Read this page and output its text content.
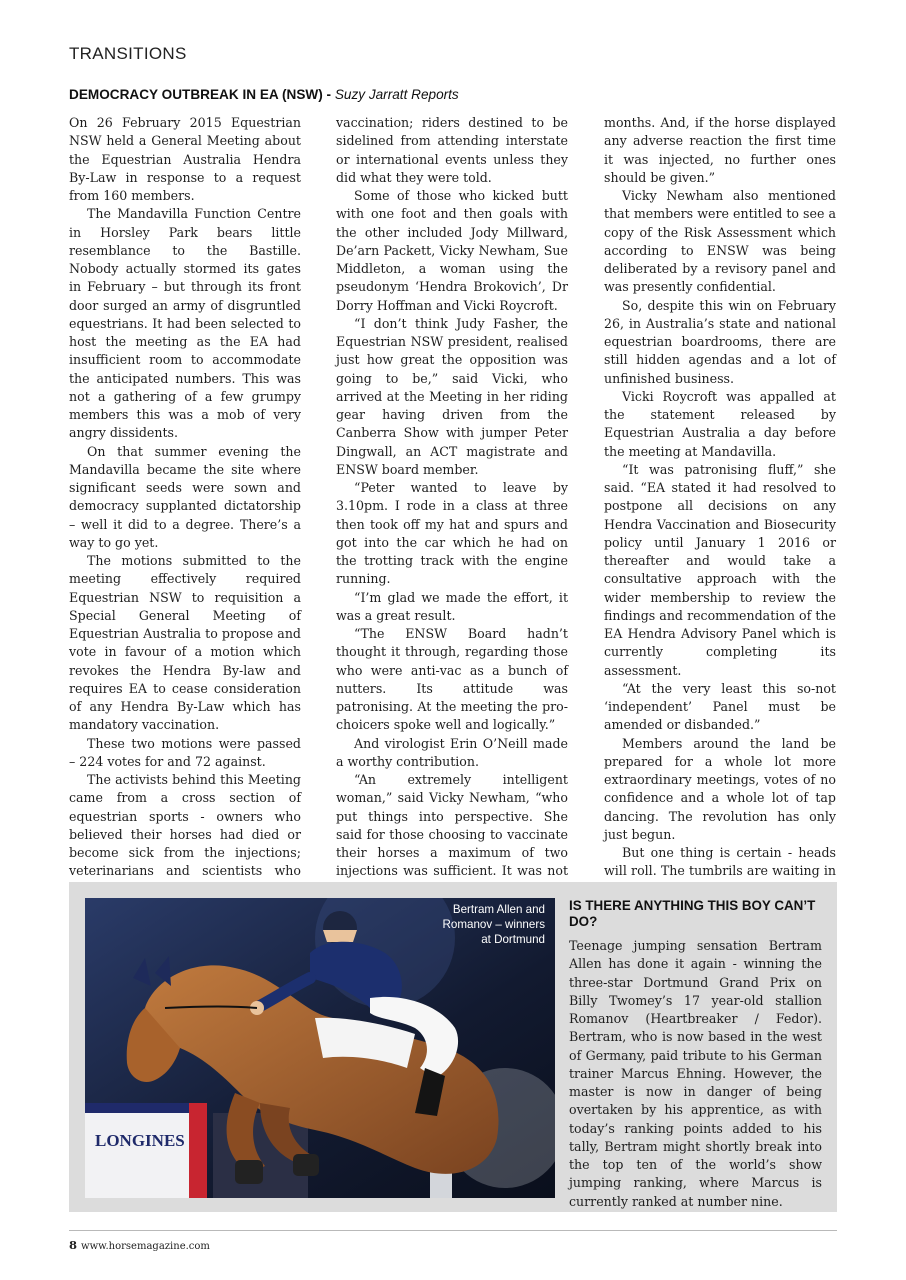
TRANSITIONS
DEMOCRACY OUTBREAK IN EA (NSW) - Suzy Jarratt Reports

On 26 February 2015 Equestrian NSW held a General Meeting about the Equestrian Australia Hendra By-Law in response to a request from 160 members.

The Mandavilla Function Centre in Horsley Park bears little resemblance to the Bastille. Nobody actually stormed its gates in February – but through its front door surged an army of disgruntled equestrians. It had been selected to host the meeting as the EA had insufficient room to accommodate the anticipated numbers. This was not a gathering of a few grumpy members this was a mob of very angry dissidents.

On that summer evening the Mandavilla became the site where significant seeds were sown and democracy supplanted dictatorship – well it did to a degree. There’s a way to go yet.

The motions submitted to the meeting effectively required Equestrian NSW to requisition a Special General Meeting of Equestrian Australia to propose and vote in favour of a motion which revokes the Hendra By-law and requires EA to cease consideration of any Hendra By-Law which has mandatory vaccination.

These two motions were passed – 224 votes for and 72 against.

The activists behind this Meeting came from a cross section of equestrian sports - owners who believed their horses had died or become sick from the injections; veterinarians and scientists who

vaccination; riders destined to be sidelined from attending interstate or international events unless they did what they were told.

Some of those who kicked butt with one foot and then goals with the other included Jody Millward, De’arn Packett, Vicky Newham, Sue Middleton, a woman using the pseudonym ‘Hendra Brokovich’, Dr Dorry Hoffman and Vicki Roycroft.

“I don’t think Judy Fasher, the Equestrian NSW president, realised just how great the opposition was going to be,” said Vicki, who arrived at the Meeting in her riding gear having driven from the Canberra Show with jumper Peter Dingwall, an ACT magistrate and ENSW board member.

“Peter wanted to leave by 3.10pm. I rode in a class at three then took off my hat and spurs and got into the car which he had on the trotting track with the engine running.

“I’m glad we made the effort, it was a great result.

“The ENSW Board hadn’t thought it through, regarding those who were anti-vac as a bunch of nutters. Its attitude was patronising. At the meeting the pro-choicers spoke well and logically.”

And virologist Erin O’Neill made a worthy contribution.

“An extremely intelligent woman,” said Vicky Newham, “who put things into perspective. She said for those choosing to vaccinate their horses a maximum of two injections was sufficient. It was not

months. And, if the horse displayed any adverse reaction the first time it was injected, no further ones should be given.”

Vicky Newham also mentioned that members were entitled to see a copy of the Risk Assessment which according to ENSW was being deliberated by a revisory panel and was presently confidential.

So, despite this win on February 26, in Australia’s state and national equestrian boardrooms, there are still hidden agendas and a lot of unfinished business.

Vicki Roycroft was appalled at the statement released by Equestrian Australia a day before the meeting at Mandavilla.

“It was patronising fluff,” she said. “EA stated it had resolved to postpone all decisions on any Hendra Vaccination and Biosecurity policy until January 1 2016 or thereafter and would take a consultative approach with the wider membership to review the findings and recommendation of the EA Hendra Advisory Panel which is currently completing its assessment.

“At the very least this so-not ‘independent’ Panel must be amended or disbanded.”

Members around the land be prepared for a whole lot more extraordinary meetings, votes of no confidence and a whole lot of tap dancing. The revolution has only just begun.

But one thing is certain - heads will roll. The tumbrils are waiting in

LONGINES
Bertram Allen and Romanov – winners at Dortmund
IS THERE ANYTHING THIS BOY CAN’T DO?

Teenage jumping sensation Bertram Allen has done it again - winning the three-star Dortmund Grand Prix on Billy Twomey’s 17 year-old stallion Romanov (Heartbreaker / Fedor). Bertram, who is now based in the west of Germany, paid tribute to his German trainer Marcus Ehning. However, the master is now in danger of being overtaken by his apprentice, as with today’s ranking points added to his tally, Bertram might shortly break into the top ten of the world’s show jumping ranking, where Marcus is currently ranked at number nine.

8 www.horsemagazine.com
